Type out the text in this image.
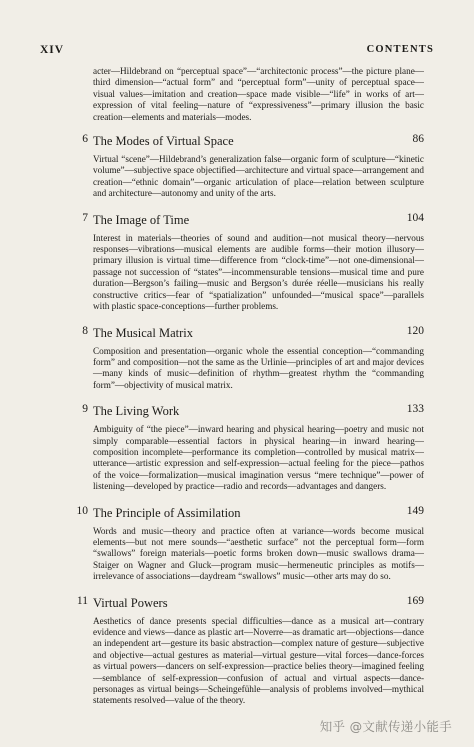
XIV	CONTENTS
acter—Hildebrand on “perceptual space”—“architectonic process”—the picture plane—third dimension—“actual form” and “perceptual form”—unity of perceptual space—visual values—imitation and creation—space made visible—“life” in works of art—expression of vital feeling—nature of “expressiveness”—primary illusion the basic creation—elements and materials—modes.
6 The Modes of Virtual Space	86
Virtual “scene”—Hildebrand’s generalization false—organic form of sculpture—“kinetic volume”—subjective space objectified—architecture and virtual space—arrangement and creation—“ethnic domain”—organic articulation of place—relation between sculpture and architecture—autonomy and unity of the arts.
7 The Image of Time	104
Interest in materials—theories of sound and audition—not musical theory—nervous responses—vibrations—musical elements are audible forms—their motion illusory—primary illusion is virtual time—difference from “clock-time”—not one-dimensional—passage not succession of “states”—incommensurable tensions—musical time and pure duration—Bergson’s failing—music and Bergson’s durée réelle—musicians his really constructive critics—fear of “spatialization” unfounded—“musical space”—parallels with plastic space-conceptions—further problems.
8 The Musical Matrix	120
Composition and presentation—organic whole the essential conception—“commanding form” and composition—not the same as the Urlinie—principles of art and major devices—many kinds of music—definition of rhythm—greatest rhythm the “commanding form”—objectivity of musical matrix.
9 The Living Work	133
Ambiguity of “the piece”—inward hearing and physical hearing—poetry and music not simply comparable—essential factors in physical hearing—in inward hearing—composition incomplete—performance its completion—controlled by musical matrix—utterance—artistic expression and self-expression—actual feeling for the piece—pathos of the voice—formalization—musical imagination versus “mere technique”—power of listening—developed by practice—radio and records—advantages and dangers.
10 The Principle of Assimilation	149
Words and music—theory and practice often at variance—words become musical elements—but not mere sounds—“aesthetic surface” not the perceptual form—form “swallows” foreign materials—poetic forms broken down—music swallows drama—Staiger on Wagner and Gluck—program music—hermeneutic principles as motifs—irrelevance of associations—daydream “swallows” music—other arts may do so.
11 Virtual Powers	169
Aesthetics of dance presents special difficulties—dance as a musical art—contrary evidence and views—dance as plastic art—Noverre—as dramatic art—objections—dance an independent art—gesture its basic abstraction—complex nature of gesture—subjective and objective—actual gestures as material—virtual gesture—vital forces—dance-forces as virtual powers—dancers on self-expression—practice belies theory—imagined feeling—semblance of self-expression—confusion of actual and virtual aspects—dance-personages as virtual beings—Scheingefühle—analysis of problems involved—mythical statements resolved—value of the theory.
知乎 @文献传递小能手
